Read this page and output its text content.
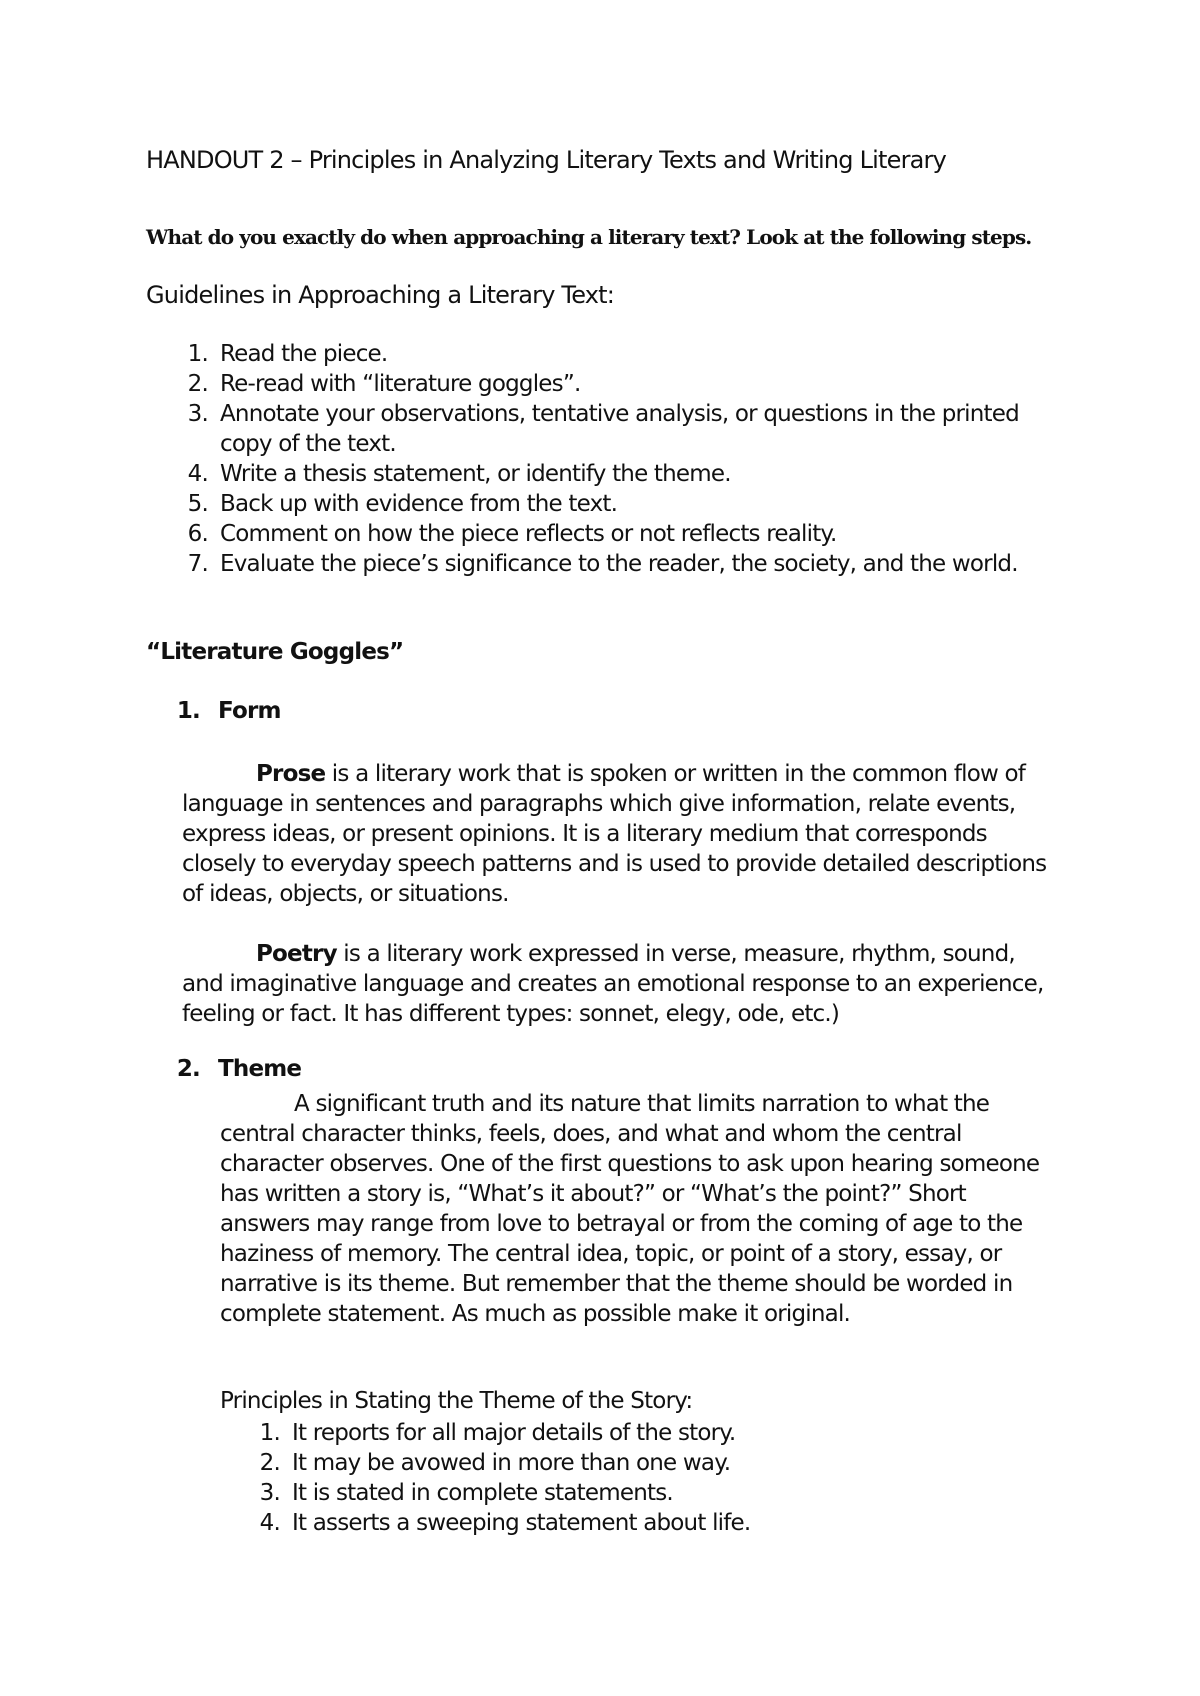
HANDOUT 2 – Principles in Analyzing Literary Texts and Writing Literary
What do you exactly do when approaching a literary text? Look at the following steps.
Guidelines in Approaching a Literary Text:
1. Read the piece.
2. Re-read with “literature goggles”.
3. Annotate your observations, tentative analysis, or questions in the printed copy of the text.
4. Write a thesis statement, or identify the theme.
5. Back up with evidence from the text.
6. Comment on how the piece reflects or not reflects reality.
7. Evaluate the piece’s significance to the reader, the society, and the world.
“Literature Goggles”
1. Form

Prose is a literary work that is spoken or written in the common flow of language in sentences and paragraphs which give information, relate events, express ideas, or present opinions. It is a literary medium that corresponds closely to everyday speech patterns and is used to provide detailed descriptions of ideas, objects, or situations.

Poetry is a literary work expressed in verse, measure, rhythm, sound, and imaginative language and creates an emotional response to an experience, feeling or fact. It has different types: sonnet, elegy, ode, etc.)

2. Theme

A significant truth and its nature that limits narration to what the central character thinks, feels, does, and what and whom the central character observes. One of the first questions to ask upon hearing someone has written a story is, “What’s it about?” or “What’s the point?” Short answers may range from love to betrayal or from the coming of age to the haziness of memory. The central idea, topic, or point of a story, essay, or narrative is its theme. But remember that the theme should be worded in complete statement. As much as possible make it original.

Principles in Stating the Theme of the Story:
1. It reports for all major details of the story.
2. It may be avowed in more than one way.
3. It is stated in complete statements.
4. It asserts a sweeping statement about life.
